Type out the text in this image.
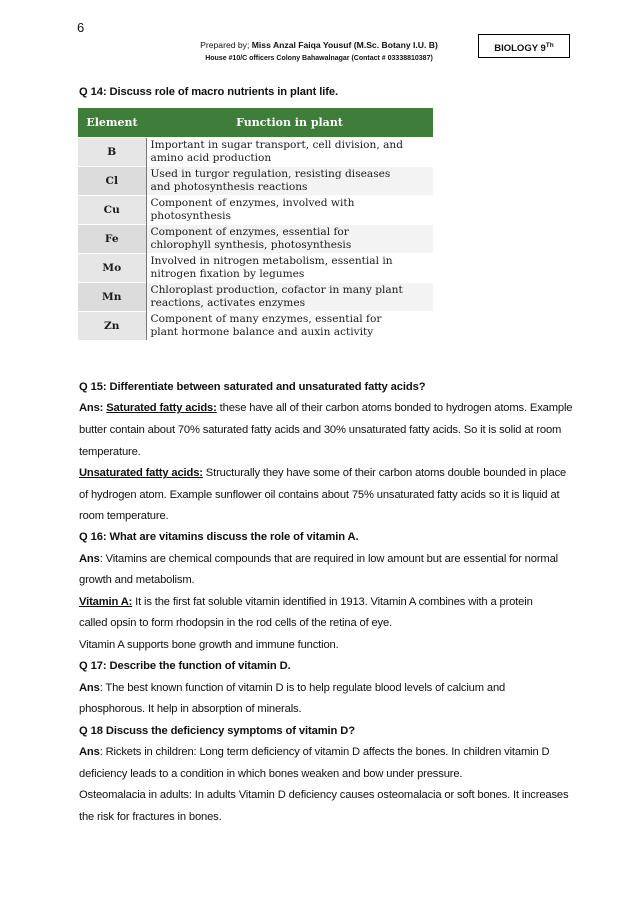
6
Prepared by; Miss Anzal Faiqa Yousuf (M.Sc. Botany I.U. B)
House #10/C officers Colony Bahawalnagar (Contact # 03338810387)
BIOLOGY 9Th
Q 14: Discuss role of macro nutrients in plant life.
Element	Function in plant
B	Important in sugar transport, cell division, and
amino acid production

Cl	Used in turgor regulation, resisting diseases
and photosynthesis reactions

Cu	Component of enzymes, involved with
photosynthesis

Fe	Component of enzymes, essential for
chlorophyll synthesis, photosynthesis

Mo	Involved in nitrogen metabolism, essential in
nitrogen fixation by legumes

Mn	Chloroplast production, cofactor in many plant
reactions, activates enzymes

Zn	Component of many enzymes, essential for
plant hormone balance and auxin activity
Q 15: Differentiate between saturated and unsaturated fatty acids?
Ans: Saturated fatty acids: these have all of their carbon atoms bonded to hydrogen atoms. Example
butter contain about 70% saturated fatty acids and 30% unsaturated fatty acids. So it is solid at room
temperature.
Unsaturated fatty acids: Structurally they have some of their carbon atoms double bounded in place
of hydrogen atom. Example sunflower oil contains about 75% unsaturated fatty acids so it is liquid at
room temperature.
Q 16: What are vitamins discuss the role of vitamin A.
Ans: Vitamins are chemical compounds that are required in low amount but are essential for normal
growth and metabolism.
Vitamin A: It is the first fat soluble vitamin identified in 1913. Vitamin A combines with a protein
called opsin to form rhodopsin in the rod cells of the retina of eye.
Vitamin A supports bone growth and immune function.
Q 17: Describe the function of vitamin D.
Ans: The best known function of vitamin D is to help regulate blood levels of calcium and
phosphorous. It help in absorption of minerals.
Q 18 Discuss the deficiency symptoms of vitamin D?
Ans: Rickets in children: Long term deficiency of vitamin D affects the bones. In children vitamin D
deficiency leads to a condition in which bones weaken and bow under pressure.
Osteomalacia in adults: In adults Vitamin D deficiency causes osteomalacia or soft bones. It increases
the risk for fractures in bones.
